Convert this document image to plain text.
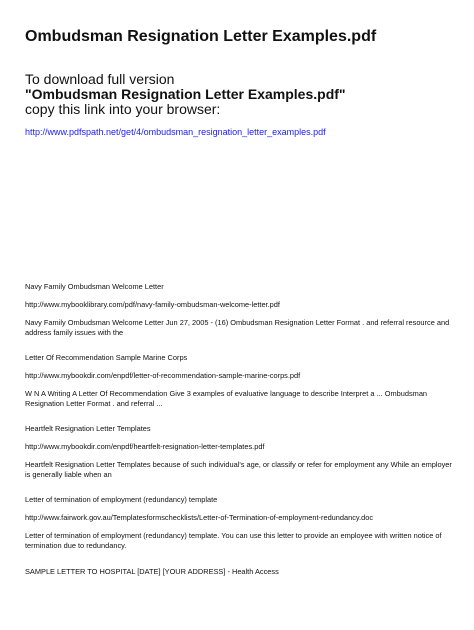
Ombudsman Resignation Letter Examples.pdf
To download full version
"Ombudsman Resignation Letter Examples.pdf"
copy this link into your browser:
http://www.pdfspath.net/get/4/ombudsman_resignation_letter_examples.pdf
Navy Family Ombudsman Welcome Letter
http://www.mybooklibrary.com/pdf/navy-family-ombudsman-welcome-letter.pdf
Navy Family Ombudsman Welcome Letter Jun 27, 2005 - (16) Ombudsman Resignation Letter Format . and referral resource and address family issues with the
Letter Of Recommendation Sample Marine Corps
http://www.mybookdir.com/enpdf/letter-of-recommendation-sample-marine-corps.pdf
W N A Writing A Letter Of Recommendation Give 3 examples of evaluative language to describe Interpret a ... Ombudsman Resignation Letter Format . and referral ...
Heartfelt Resignation Letter Templates
http://www.mybookdir.com/enpdf/heartfelt-resignation-letter-templates.pdf
Heartfelt Resignation Letter Templates because of such individual's age, or classify or refer for employment any While an employer is generally liable when an
Letter of termination of employment (redundancy) template
http://www.fairwork.gov.au/Templatesformschecklists/Letter-of-Termination-of-employment-redundancy.doc
Letter of termination of employment (redundancy) template. You can use this letter to provide an employee with written notice of termination due to redundancy.
SAMPLE LETTER TO HOSPITAL [DATE] [YOUR ADDRESS] - Health Access
